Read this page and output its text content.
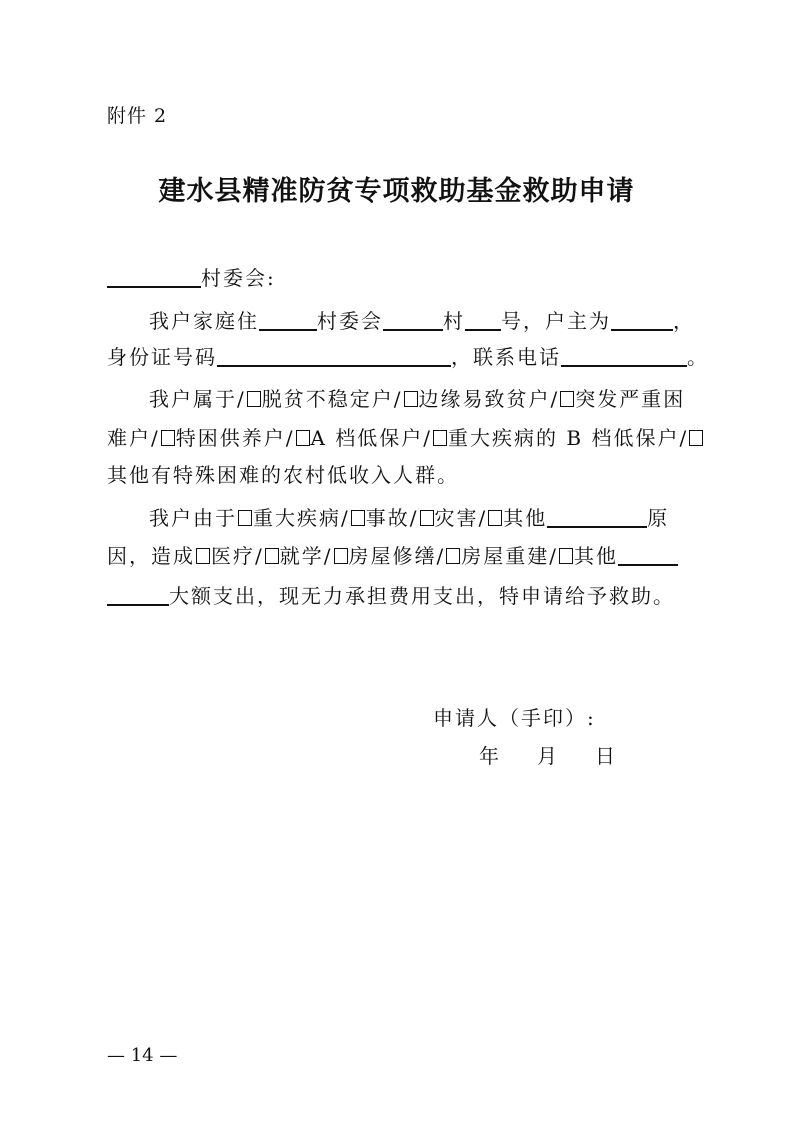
附件 2
建水县精准防贫专项救助基金救助申请
村委会:
我户家庭住	村委会	村 号，户主为	，
身份证号码	，联系电话	。
我户属于/ 脱贫不稳定户/ 边缘易致贫户/ 突发严重困
难户/ 特困供养户/ A 档低保户/ 重大疾病的 B 档低保户/
其他有特殊困难的农村低收入人群。
我户由于 重大疾病/ 事故/ 灾害/ 其他	原
因，造成 医疗/ 就学/ 房屋修缮/ 房屋重建/ 其他
大额支出，现无力承担费用支出，特申请给予救助。
申请人（手印）:
年 月 日
— 14 —
